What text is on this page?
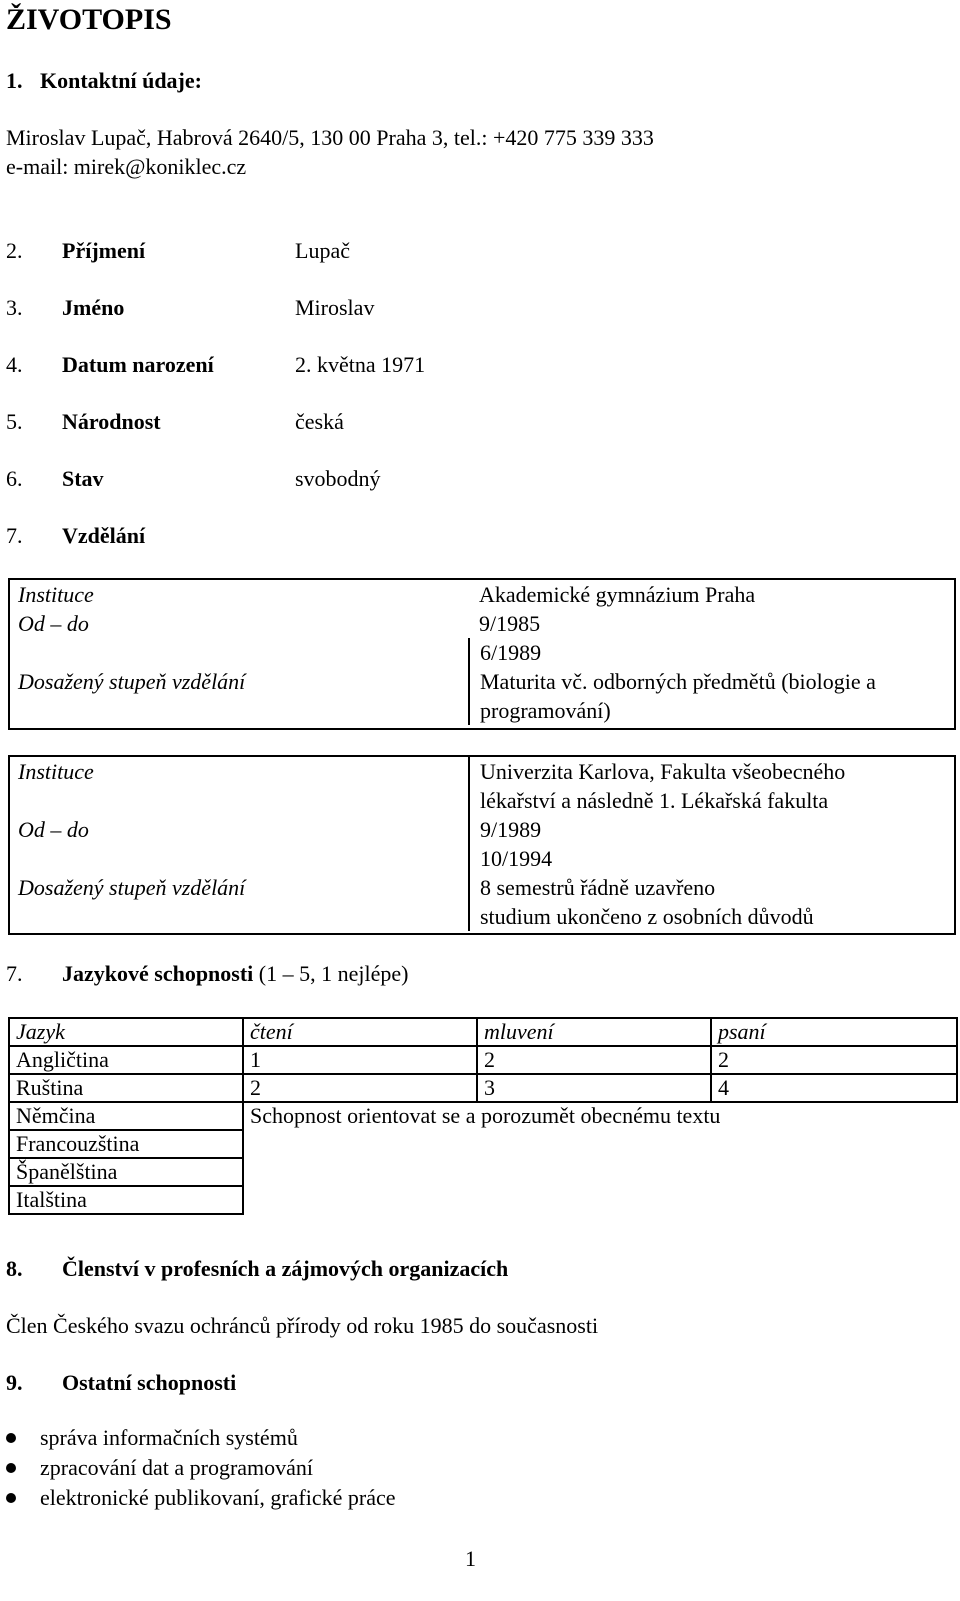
ŽIVOTOPIS
1. Kontaktní údaje:
Miroslav Lupač, Habrová 2640/5, 130 00 Praha 3, tel.: +420 775 339 333
e-mail: mirek@koniklec.cz
2. Příjmení	Lupač
3. Jméno	Miroslav
4. Datum narození	2. května 1971
5. Národnost	česká
6. Stav	svobodný
7. Vzdělání
Instituce	Akademické gymnázium Praha
Od – do	9/1985
	6/1989
Dosažený stupeň vzdělání	Maturita vč. odborných předmětů (biologie a
	programování)
Instituce	Univerzita Karlova, Fakulta všeobecného
	lékařství a následně 1. Lékařská fakulta
Od – do	9/1989
	10/1994
Dosažený stupeň vzdělání	8 semestrů řádně uzavřeno
	studium ukončeno z osobních důvodů
7. Jazykové schopnosti (1 – 5, 1 nejlépe)
Jazyk	čtení	mluvení	psaní
Angličtina	1	2	2
Ruština	2	3	4
Němčina	Schopnost orientovat se a porozumět obecnému textu		
Francouzština			
Španělština			
Italština			
8. Členství v profesních a zájmových organizacích
Člen Českého svazu ochránců přírody od roku 1985 do současnosti
9. Ostatní schopnosti
správa informačních systémů
zpracování dat a programování
elektronické publikovaní, grafické práce
1
